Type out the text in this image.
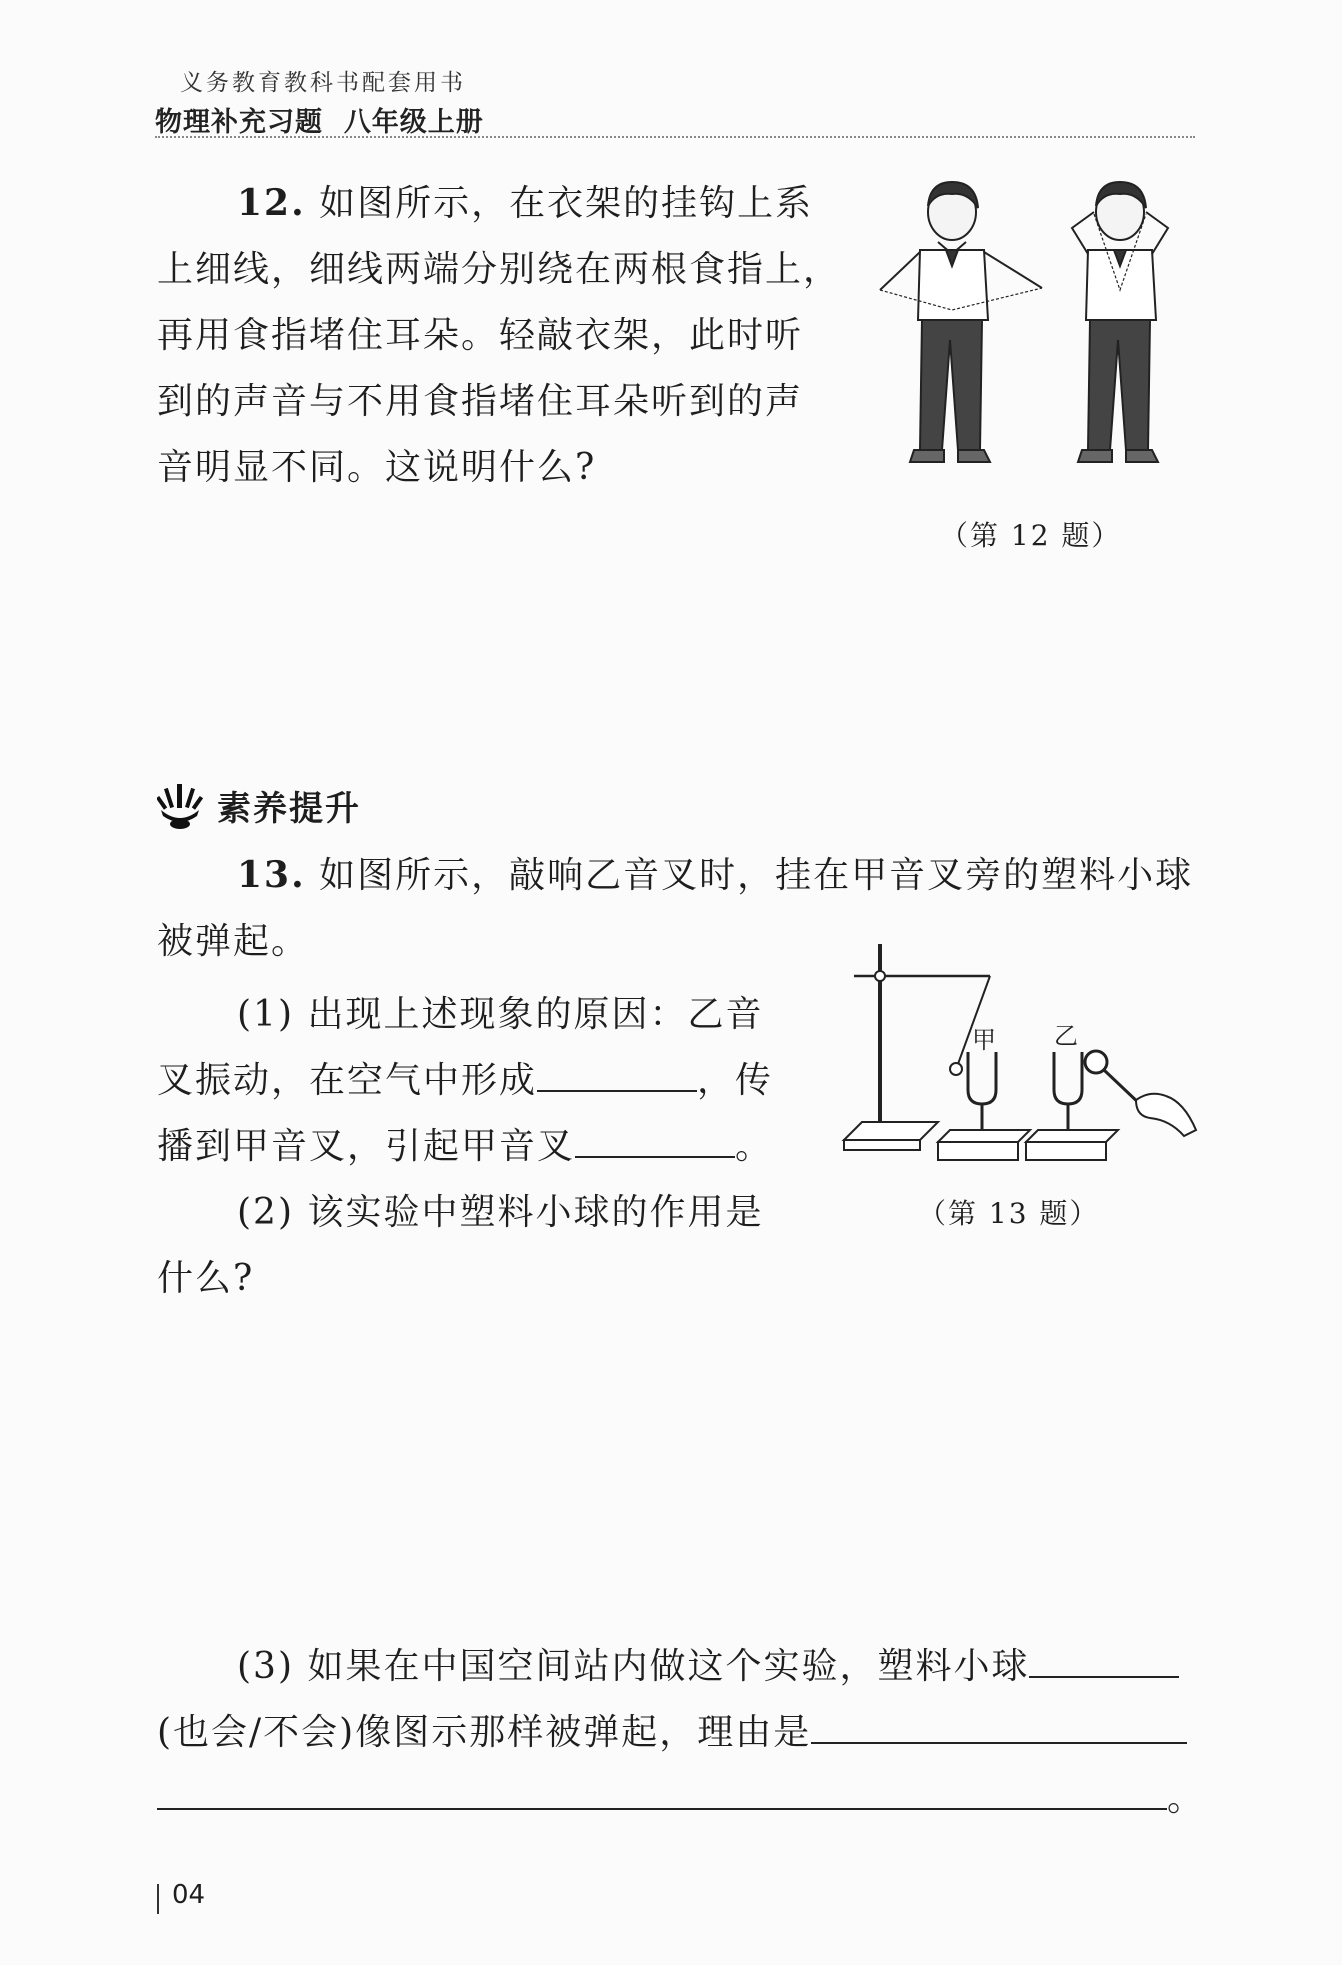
义务教育教科书配套用书
物理补充习题 八年级上册

12. 如图所示，在衣架的挂钩上系

上细线，细线两端分别绕在两根食指上，

再用食指堵住耳朵。轻敲衣架，此时听

到的声音与不用食指堵住耳朵听到的声

音明显不同。这说明什么?

（第 12 题）
素养提升

13. 如图所示，敲响乙音叉时，挂在甲音叉旁的塑料小球

被弹起。

(1) 出现上述现象的原因：乙音

叉振动，在空气中形成	，传

播到甲音叉，引起甲音叉	。

(2) 该实验中塑料小球的作用是

什么?

甲 乙
（第 13 题）

(3) 如果在中国空间站内做这个实验，塑料小球

(也会/不会)像图示那样被弹起，理由是

。

04
